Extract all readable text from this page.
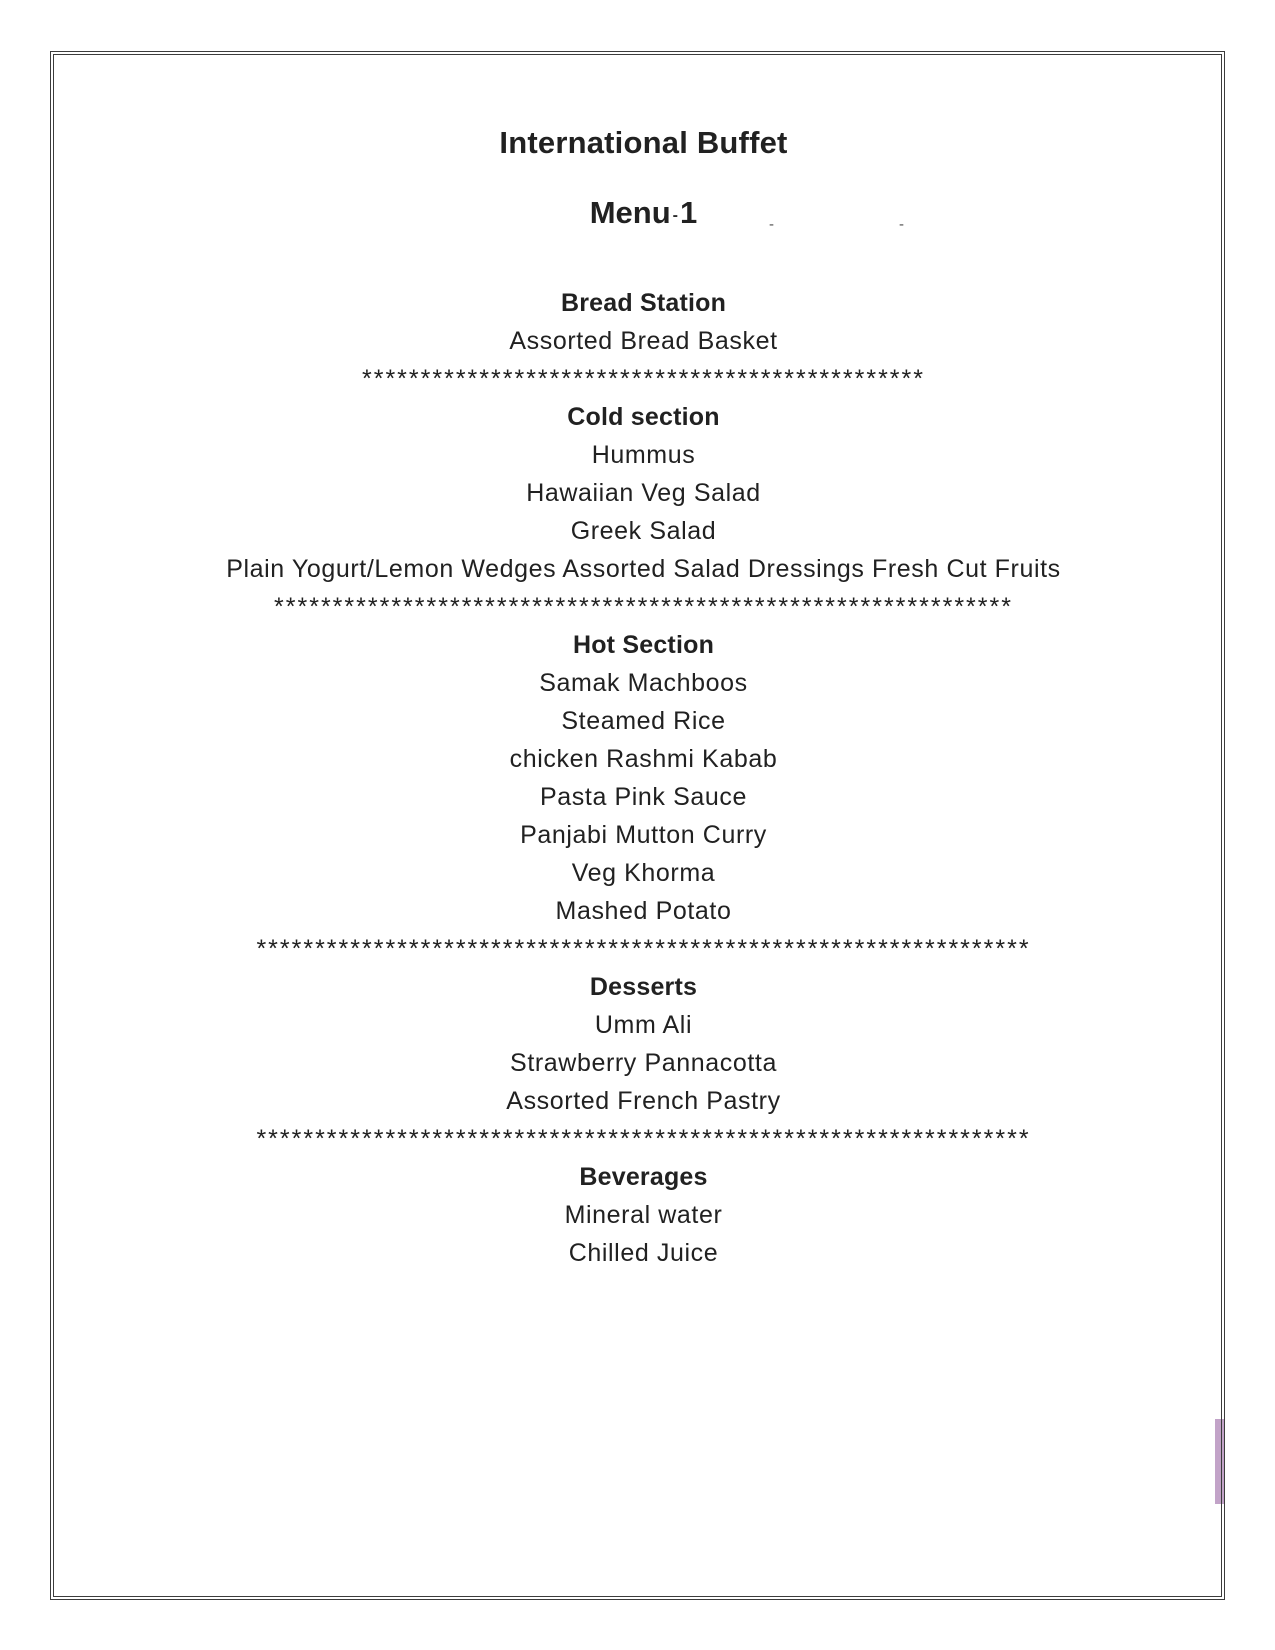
International Buffet
Menu -1	-	-
Bread Station
Assorted Bread Basket
************************************************
Cold section
Hummus
Hawaiian Veg Salad
Greek Salad
Plain Yogurt/Lemon Wedges Assorted Salad Dressings Fresh Cut Fruits
***************************************************************
Hot Section
Samak Machboos
Steamed Rice
chicken Rashmi Kabab
Pasta Pink Sauce
Panjabi Mutton Curry
Veg Khorma
Mashed Potato
******************************************************************
Desserts
Umm Ali
Strawberry Pannacotta
Assorted French Pastry
******************************************************************
Beverages
Mineral water
Chilled Juice
